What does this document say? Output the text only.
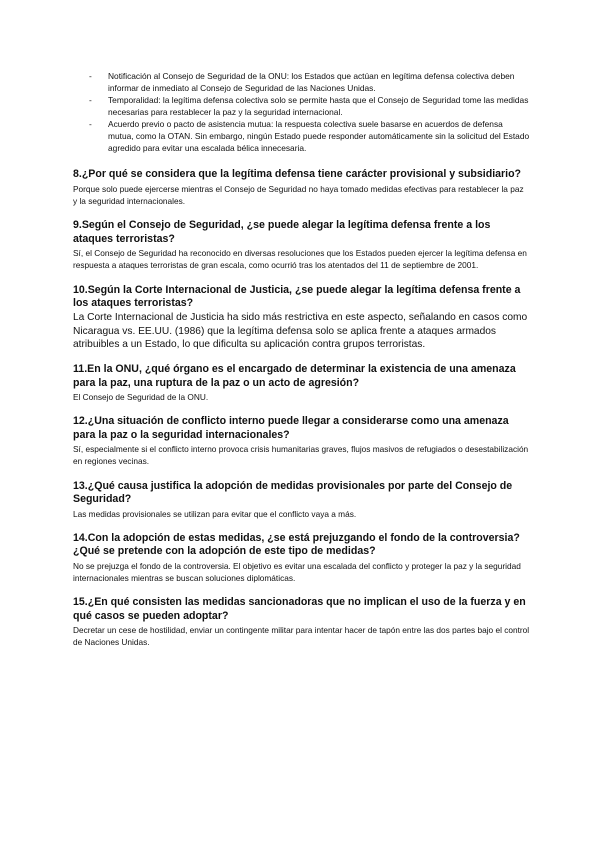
-	Notificación al Consejo de Seguridad de la ONU: los Estados que actúan en legítima defensa colectiva deben informar de inmediato al Consejo de Seguridad de las Naciones Unidas.
-	Temporalidad: la legítima defensa colectiva solo se permite hasta que el Consejo de Seguridad tome las medidas necesarias para restablecer la paz y la seguridad internacional.
-	Acuerdo previo o pacto de asistencia mutua: la respuesta colectiva suele basarse en acuerdos de defensa mutua, como la OTAN. Sin embargo, ningún Estado puede responder automáticamente sin la solicitud del Estado agredido para evitar una escalada bélica innecesaria.

8.¿Por qué se considera que la legítima defensa tiene carácter provisional y subsidiario?

Porque solo puede ejercerse mientras el Consejo de Seguridad no haya tomado medidas efectivas para restablecer la paz y la seguridad internacionales.

9.Según el Consejo de Seguridad, ¿se puede alegar la legítima defensa frente a los ataques terroristas?

Sí, el Consejo de Seguridad ha reconocido en diversas resoluciones que los Estados pueden ejercer la legítima defensa en respuesta a ataques terroristas de gran escala, como ocurrió tras los atentados del 11 de septiembre de 2001.

10.Según la Corte Internacional de Justicia, ¿se puede alegar la legítima defensa frente a los ataques terroristas?

La Corte Internacional de Justicia ha sido más restrictiva en este aspecto, señalando en casos como Nicaragua vs. EE.UU. (1986) que la legítima defensa solo se aplica frente a ataques armados atribuibles a un Estado, lo que dificulta su aplicación contra grupos terroristas.

11.En la ONU, ¿qué órgano es el encargado de determinar la existencia de una amenaza para la paz, una ruptura de la paz o un acto de agresión?

El Consejo de Seguridad de la ONU.

12.¿Una situación de conflicto interno puede llegar a considerarse como una amenaza para la paz o la seguridad internacionales?

Sí, especialmente si el conflicto interno provoca crisis humanitarias graves, flujos masivos de refugiados o desestabilización en regiones vecinas.

13.¿Qué causa justifica la adopción de medidas provisionales por parte del Consejo de Seguridad?

Las medidas provisionales se utilizan para evitar que el conflicto vaya a más.

14.Con la adopción de estas medidas, ¿se está prejuzgando el fondo de la controversia? ¿Qué se pretende con la adopción de este tipo de medidas?

No se prejuzga el fondo de la controversia. El objetivo es evitar una escalada del conflicto y proteger la paz y la seguridad internacionales mientras se buscan soluciones diplomáticas.

15.¿En qué consisten las medidas sancionadoras que no implican el uso de la fuerza y en qué casos se pueden adoptar?

Decretar un cese de hostilidad, enviar un contingente militar para intentar hacer de tapón entre las dos partes bajo el control de Naciones Unidas.
